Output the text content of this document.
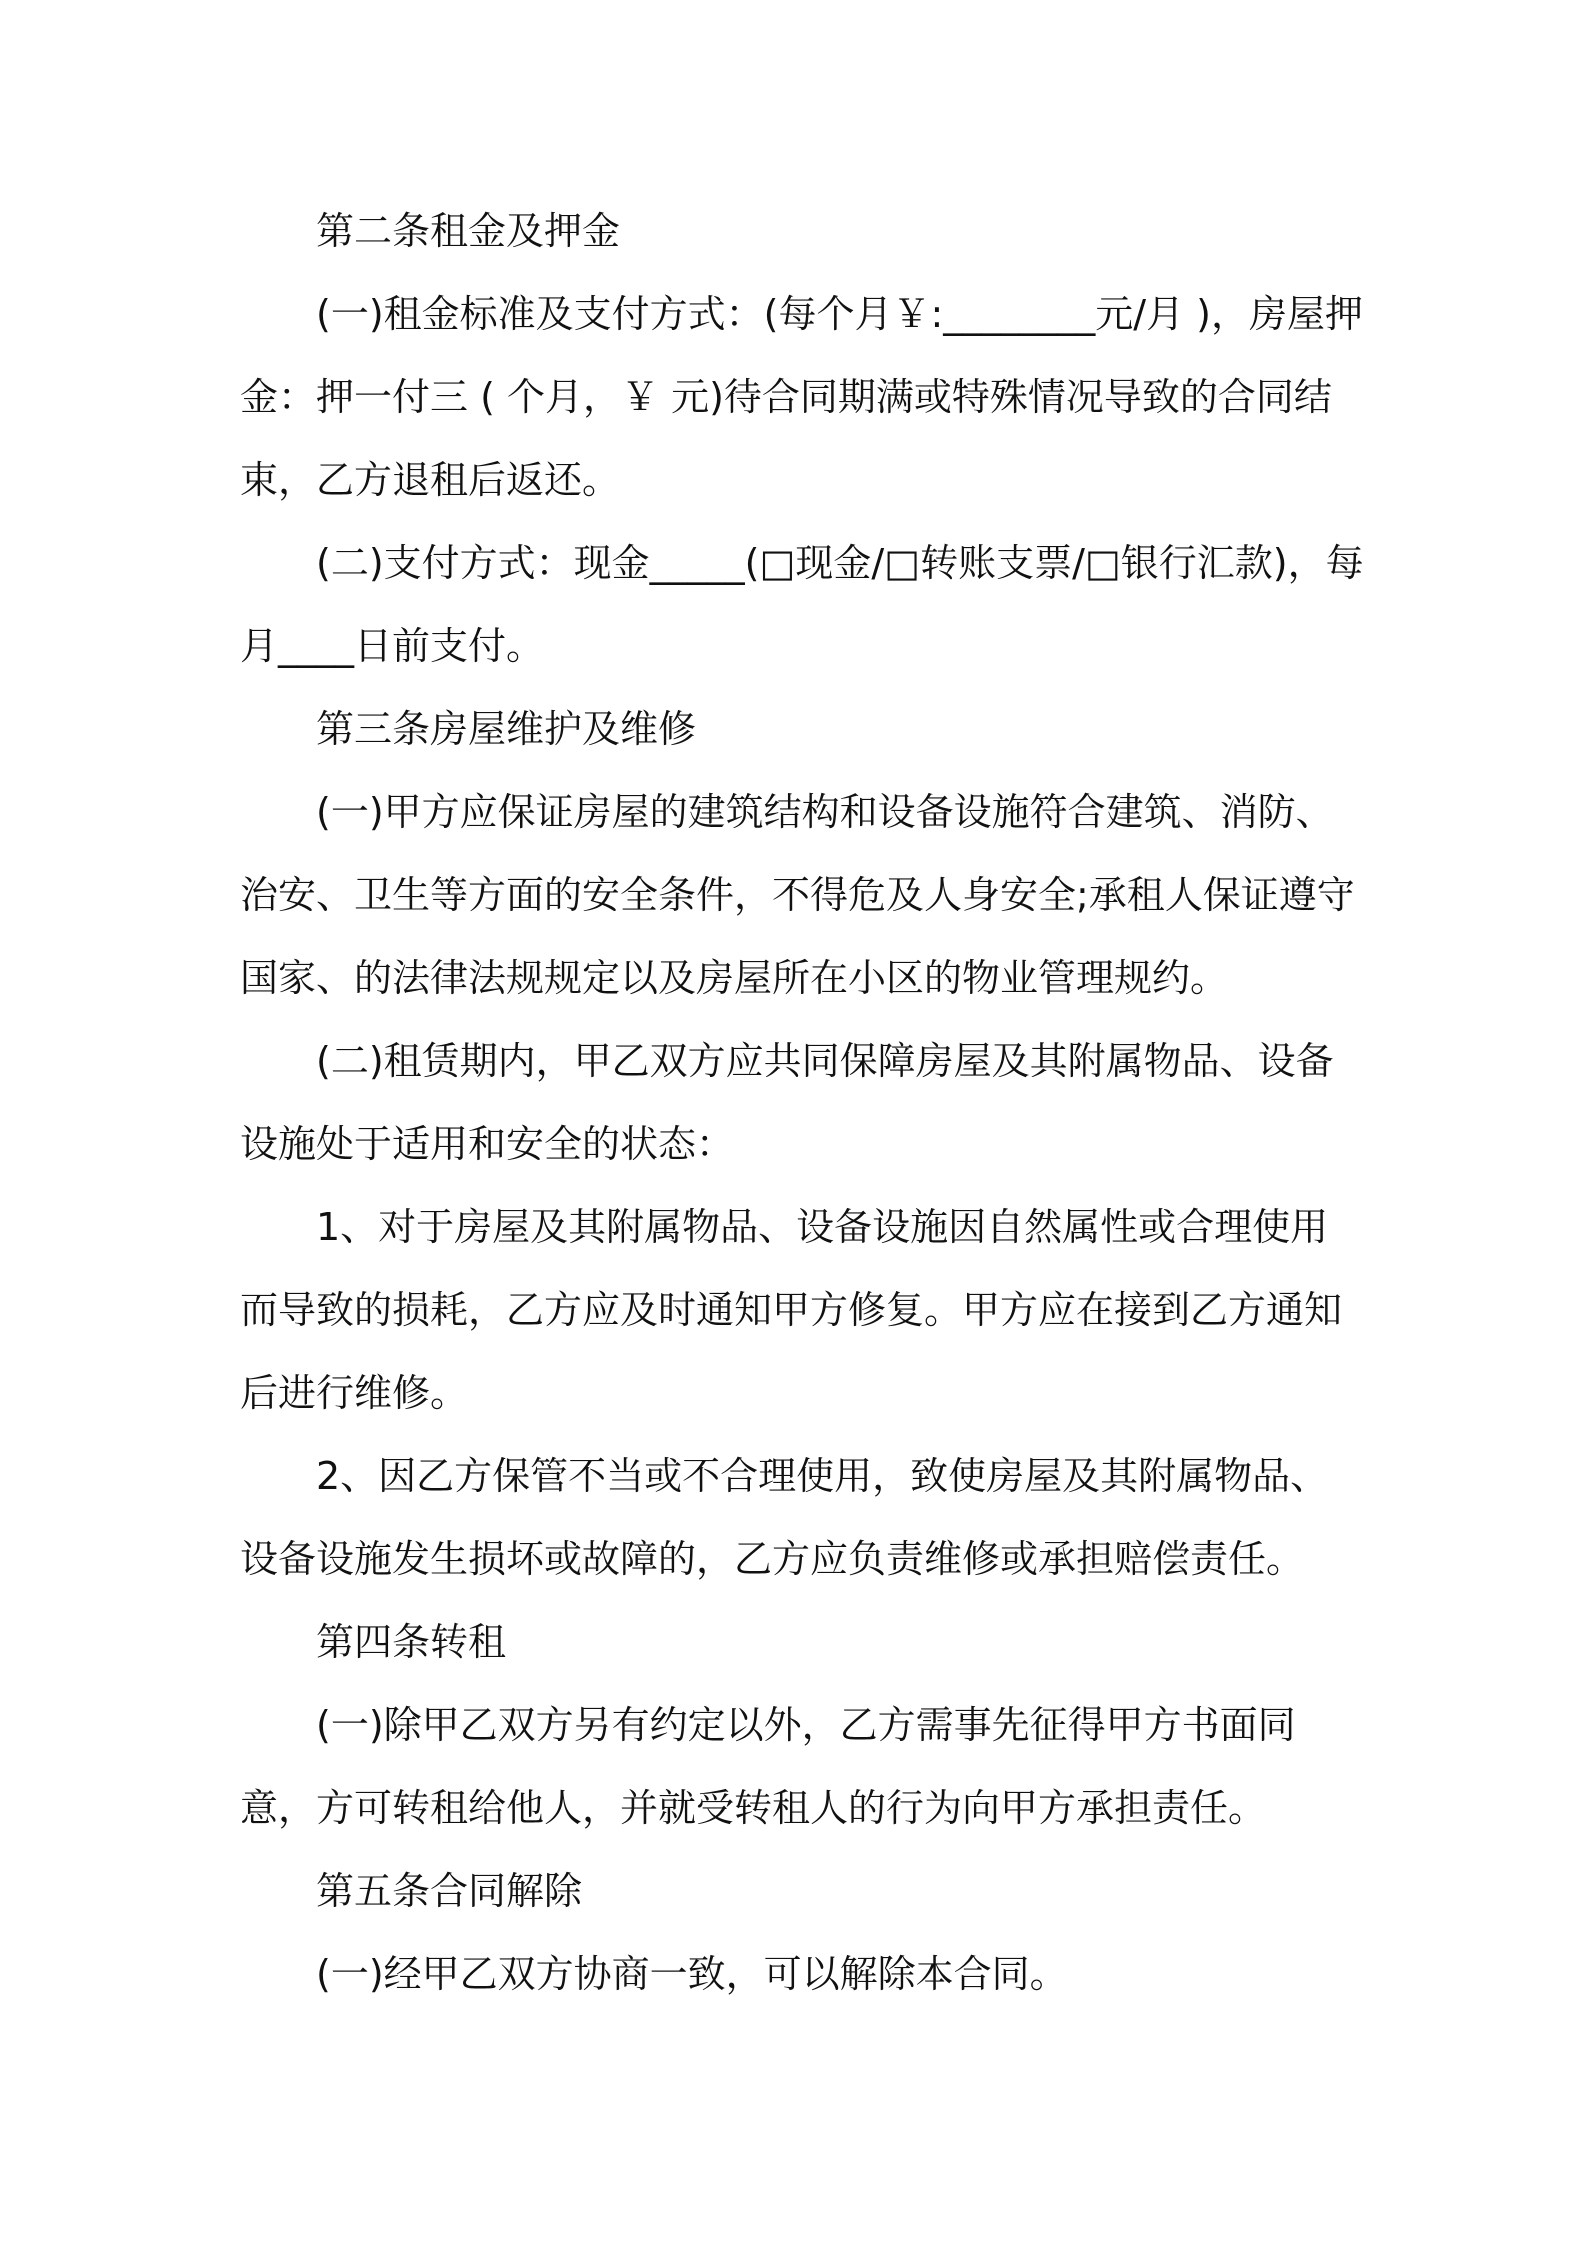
第二条租金及押金

(一)租金标准及支付方式：(每个月￥:________元/月 )，房屋押金：押一付三 ( 个月，￥ 元)待合同期满或特殊情况导致的合同结束，乙方退租后返还。

(二)支付方式：现金_____(□现金/□转账支票/□银行汇款)，每月____日前支付。

第三条房屋维护及维修

(一)甲方应保证房屋的建筑结构和设备设施符合建筑、消防、治安、卫生等方面的安全条件，不得危及人身安全;承租人保证遵守国家、的法律法规规定以及房屋所在小区的物业管理规约。

(二)租赁期内，甲乙双方应共同保障房屋及其附属物品、设备设施处于适用和安全的状态：

1、对于房屋及其附属物品、设备设施因自然属性或合理使用而导致的损耗，乙方应及时通知甲方修复。甲方应在接到乙方通知后进行维修。

2、因乙方保管不当或不合理使用，致使房屋及其附属物品、设备设施发生损坏或故障的，乙方应负责维修或承担赔偿责任。

第四条转租

(一)除甲乙双方另有约定以外，乙方需事先征得甲方书面同意，方可转租给他人，并就受转租人的行为向甲方承担责任。

第五条合同解除

(一)经甲乙双方协商一致，可以解除本合同。
